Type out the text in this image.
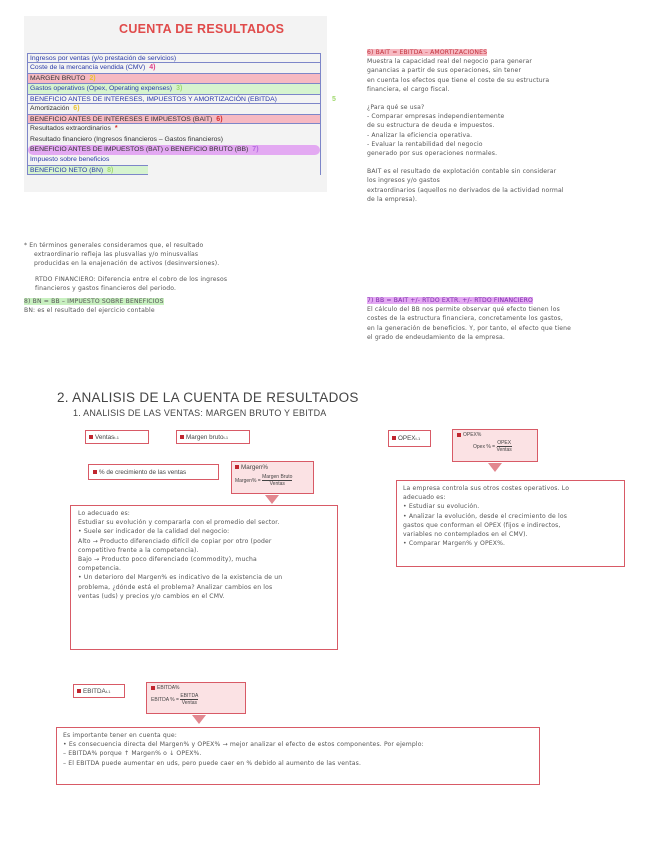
CUENTA DE RESULTADOS
Ingresos por ventas (y/o prestación de servicios)
Coste de la mercancía vendida (CMV) 4)
MARGEN BRUTO 2)
Gastos operativos (Opex, Operating expenses) 3)
BENEFICIO ANTES DE INTERESES, IMPUESTOS Y AMORTIZACIÓN (EBITDA)	5
Amortización 6)
BENEFICIO ANTES DE INTERESES E IMPUESTOS (BAIT) 6)
Resultados extraordinarios *
Resultado financiero (Ingresos financieros – Gastos financieros)
BENEFICIO ANTES DE IMPUESTOS (BAT) o BENEFICIO BRUTO (BB) 7)
Impuesto sobre beneficios
BENEFICIO NETO (BN) 8)
* En términos generales consideramos que, el resultado
extraordinario refleja las plusvalías y/o minusvalías
producidas en la enajenación de activos (desinversiones).
RTDO FINANCIERO: Diferencia entre el cobro de los ingresos
financieros y gastos financieros del periodo.
8) BN = BB – IMPUESTO SOBRE BENEFICIOS
BN: es el resultado del ejercicio contable
6) BAIT = EBITDA – AMORTIZACIONES
Muestra la capacidad real del negocio para generar
ganancias a partir de sus operaciones, sin tener
en cuenta los efectos que tiene el coste de su estructura
financiera, el cargo fiscal.
¿Para qué se usa?
- Comparar empresas independientemente
de su estructura de deuda e impuestos.
- Analizar la eficiencia operativa.
- Evaluar la rentabilidad del negocio
generado por sus operaciones normales.
BAIT es el resultado de explotación contable sin considerar
los ingresos y/o gastos
extraordinarios (aquellos no derivados de la actividad normal
de la empresa).
7) BB = BAIT +/- RTDO EXTR. +/- RTDO FINANCIERO
El cálculo del BB nos permite observar qué efecto tienen los
costes de la estructura financiera, concretamente los gastos,
en la generación de beneficios. Y, por tanto, el efecto que tiene
el grado de endeudamiento de la empresa.
2. ANALISIS DE LA CUENTA DE RESULTADOS
1. ANALISIS DE LAS VENTAS: MARGEN BRUTO Y EBITDA
Ventast-1	Margen brutot-1
% de crecimiento de las ventas
Margen%
Margen% = $\frac{\text{Margen Bruto}}{\text{Ventas}}$
Lo adecuado es:
Estudiar su evolución y compararla con el promedio del sector.
• Suele ser indicador de la calidad del negocio:
Alto → Producto diferenciado difícil de copiar por otro (poder
competitivo frente a la competencia).
Bajo → Producto poco diferenciado (commodity), mucha
competencia.
• Un deterioro del Margen% es indicativo de la existencia de un
problema, ¿dónde está el problema? Analizar cambios en los
ventas (uds) y precios y/o cambios en el CMV.
OPEXt-1
OPEX%
Opex % = $\frac{\text{OPEX}}{\text{Ventas}}$
La empresa controla sus otros costes operativos. Lo
adecuado es:
• Estudiar su evolución.
• Analizar la evolución, desde el crecimiento de los
gastos que conforman el OPEX (fijos e indirectos,
variables no contemplados en el CMV).
• Comparar Margen% y OPEX%.
EBITDAt-1
EBITDA%
EBITDA % = $\frac{\text{EBITDA}}{\text{Ventas}}$
Es importante tener en cuenta que:
• Es consecuencia directa del Margen% y OPEX% → mejor analizar el efecto de estos componentes. Por ejemplo:
– EBITDA% porque ↑ Margen% o ↓ OPEX%.
– El EBITDA puede aumentar en uds, pero puede caer en % debido al aumento de las ventas.
